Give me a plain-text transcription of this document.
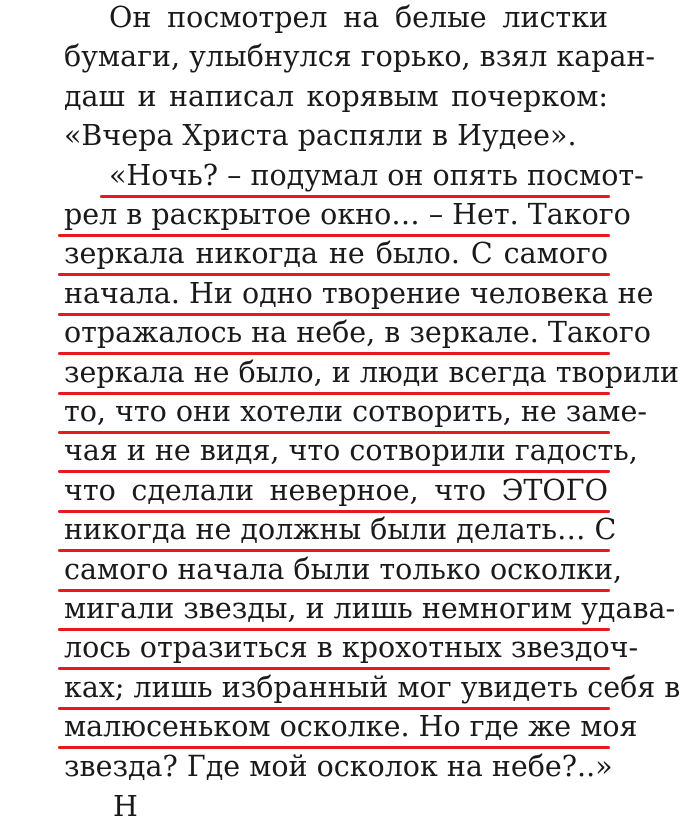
Он посмотрел на белые листки
бумаги, улыбнулся горько, взял каран-
даш и написал корявым почерком:
«Вчера Христа распяли в Иудее».
«Ночь? – подумал он опять посмот-
рел в раскрытое окно… – Нет. Такого
зеркала никогда не было. С самого
начала. Ни одно творение человека не
отражалось на небе, в зеркале. Такого
зеркала не было, и люди всегда творили
то, что они хотели сотворить, не заме-
чая и не видя, что сотворили гадость,
что сделали неверное, что ЭТОГО
никогда не должны были делать… С
самого начала были только осколки,
мигали звезды, и лишь немногим удава-
лось отразиться в крохотных звездоч-
ках; лишь избранный мог увидеть себя в
малюсеньком осколке. Но где же моя
звезда? Где мой осколок на небе?..»
Н
